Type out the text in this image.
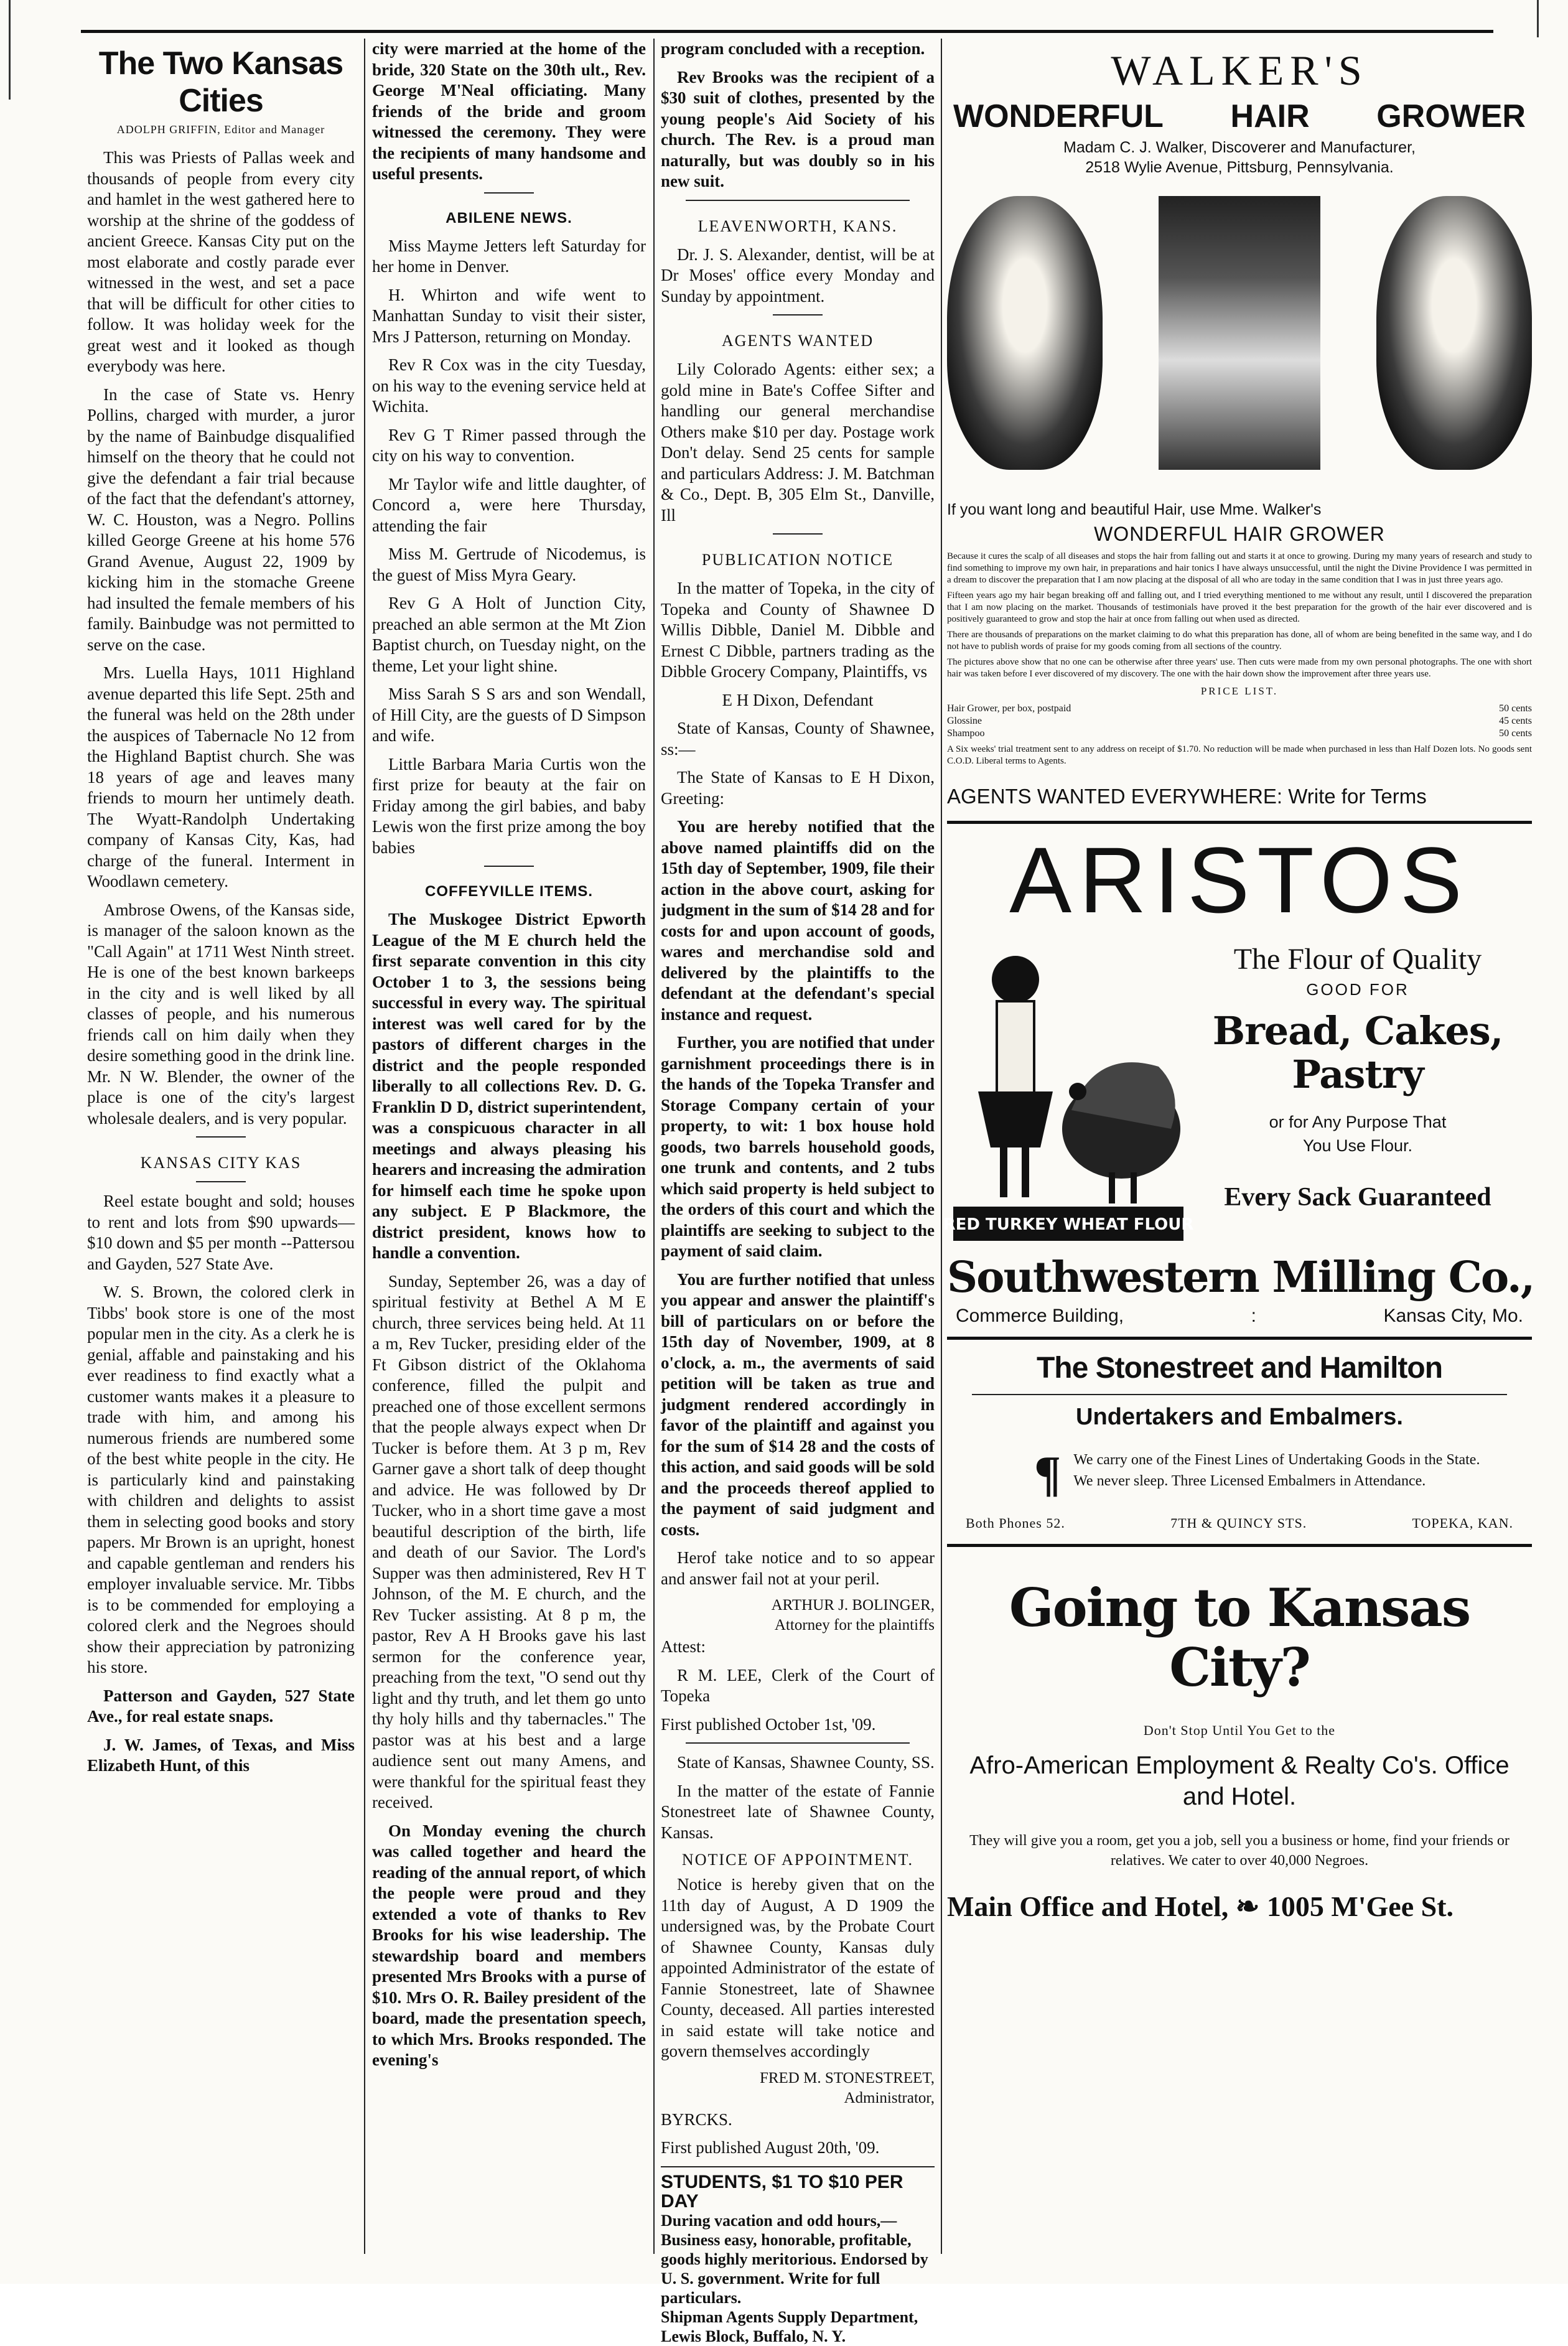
The Two Kansas Cities
ADOLPH GRIFFIN, Editor and Manager

This was Priests of Pallas week and thousands of people from every city and hamlet in the west gathered here to worship at the shrine of the goddess of ancient Greece. Kansas City put on the most elaborate and costly parade ever witnessed in the west, and set a pace that will be difficult for other cities to follow. It was holiday week for the great west and it looked as though everybody was here.

In the case of State vs. Henry Pollins, charged with murder, a juror by the name of Bainbudge disqualified himself on the theory that he could not give the defendant a fair trial because of the fact that the defendant's attorney, W. C. Houston, was a Negro. Pollins killed George Greene at his home 576 Grand Avenue, August 22, 1909 by kicking him in the stomache Greene had insulted the female members of his family. Bainbudge was not permitted to serve on the case.

Mrs. Luella Hays, 1011 Highland avenue departed this life Sept. 25th and the funeral was held on the 28th under the auspices of Tabernacle No 12 from the Highland Baptist church. She was 18 years of age and leaves many friends to mourn her untimely death. The Wyatt-Randolph Undertaking company of Kansas City, Kas, had charge of the funeral. Interment in Woodlawn cemetery.

Ambrose Owens, of the Kansas side, is manager of the saloon known as the "Call Again" at 1711 West Ninth street. He is one of the best known barkeeps in the city and is well liked by all classes of people, and his numerous friends call on him daily when they desire something good in the drink line. Mr. N W. Blender, the owner of the place is one of the city's largest wholesale dealers, and is very popular.

KANSAS CITY KAS

Reel estate bought and sold; houses to rent and lots from $90 upwards—$10 down and $5 per month --Pattersou and Gayden, 527 State Ave.

W. S. Brown, the colored clerk in Tibbs' book store is one of the most popular men in the city. As a clerk he is genial, affable and painstaking and his ever readiness to find exactly what a customer wants makes it a pleasure to trade with him, and among his numerous friends are numbered some of the best white people in the city. He is particularly kind and painstaking with children and delights to assist them in selecting good books and story papers. Mr Brown is an upright, honest and capable gentleman and renders his employer invaluable service. Mr. Tibbs is to be commended for employing a colored clerk and the Negroes should show their appreciation by patronizing his store.

Patterson and Gayden, 527 State Ave., for real estate snaps.

J. W. James, of Texas, and Miss Elizabeth Hunt, of this

city were married at the home of the bride, 320 State on the 30th ult., Rev. George M'Neal officiating. Many friends of the bride and groom witnessed the ceremony. They were the recipients of many handsome and useful presents.

ABILENE NEWS.

Miss Mayme Jetters left Saturday for her home in Denver.

H. Whirton and wife went to Manhattan Sunday to visit their sister, Mrs J Patterson, returning on Monday.

Rev R Cox was in the city Tuesday, on his way to the evening service held at Wichita.

Rev G T Rimer passed through the city on his way to convention.

Mr Taylor wife and little daughter, of Concord a, were here Thursday, attending the fair

Miss M. Gertrude of Nicodemus, is the guest of Miss Myra Geary.

Rev G A Holt of Junction City, preached an able sermon at the Mt Zion Baptist church, on Tuesday night, on the theme, Let your light shine.

Miss Sarah S S ars and son Wendall, of Hill City, are the guests of D Simpson and wife.

Little Barbara Maria Curtis won the first prize for beauty at the fair on Friday among the girl babies, and baby Lewis won the first prize among the boy babies

COFFEYVILLE ITEMS.

The Muskogee District Epworth League of the M E church held the first separate convention in this city October 1 to 3, the sessions being successful in every way. The spiritual interest was well cared for by the pastors of different charges in the district and the people responded liberally to all collections Rev. D. G. Franklin D D, district superintendent, was a conspicuous character in all meetings and always pleasing his hearers and increasing the admiration for himself each time he spoke upon any subject. E P Blackmore, the district president, knows how to handle a convention.

Sunday, September 26, was a day of spiritual festivity at Bethel A M E church, three services being held. At 11 a m, Rev Tucker, presiding elder of the Ft Gibson district of the Oklahoma conference, filled the pulpit and preached one of those excellent sermons that the people always expect when Dr Tucker is before them. At 3 p m, Rev Garner gave a short talk of deep thought and advice. He was followed by Dr Tucker, who in a short time gave a most beautiful description of the birth, life and death of our Savior. The Lord's Supper was then administered, Rev H T Johnson, of the M. E church, and the Rev Tucker assisting. At 8 p m, the pastor, Rev A H Brooks gave his last sermon for the conference year, preaching from the text, "O send out thy light and thy truth, and let them go unto thy holy hills and thy tabernacles." The pastor was at his best and a large audience sent out many Amens, and were thankful for the spiritual feast they received.

On Monday evening the church was called together and heard the reading of the annual report, of which the people were proud and they extended a vote of thanks to Rev Brooks for his wise leadership. The stewardship board and members presented Mrs Brooks with a purse of $10. Mrs O. R. Bailey president of the board, made the presentation speech, to which Mrs. Brooks responded. The evening's

program concluded with a reception.

Rev Brooks was the recipient of a $30 suit of clothes, presented by the young people's Aid Society of his church. The Rev. is a proud man naturally, but was doubly so in his new suit.

LEAVENWORTH, KANS.

Dr. J. S. Alexander, dentist, will be at Dr Moses' office every Monday and Sunday by appointment.

AGENTS WANTED

Lily Colorado Agents: either sex; a gold mine in Bate's Coffee Sifter and handling our general merchandise Others make $10 per day. Postage work Don't delay. Send 25 cents for sample and particulars Address: J. M. Batchman & Co., Dept. B, 305 Elm St., Danville, Ill

PUBLICATION NOTICE

In the matter of Topeka, in the city of Topeka and County of Shawnee D Willis Dibble, Daniel M. Dibble and Ernest C Dibble, partners trading as the Dibble Grocery Company, Plaintiffs, vs

E H Dixon, Defendant

State of Kansas, County of Shawnee, ss:—

The State of Kansas to E H Dixon, Greeting:

You are hereby notified that the above named plaintiffs did on the 15th day of September, 1909, file their action in the above court, asking for judgment in the sum of $14 28 and for costs for and upon account of goods, wares and merchandise sold and delivered by the plaintiffs to the defendant at the defendant's special instance and request.

Further, you are notified that under garnishment proceedings there is in the hands of the Topeka Transfer and Storage Company certain of your property, to wit: 1 box house hold goods, two barrels household goods, one trunk and contents, and 2 tubs which said property is held subject to the orders of this court and which the plaintiffs are seeking to subject to the payment of said claim.

You are further notified that unless you appear and answer the plaintiff's bill of particulars on or before the 15th day of November, 1909, at 8 o'clock, a. m., the averments of said petition will be taken as true and judgment rendered accordingly in favor of the plaintiff and against you for the sum of $14 28 and the costs of this action, and said goods will be sold and the proceeds thereof applied to the payment of said judgment and costs.

Herof take notice and to so appear and answer fail not at your peril.

ARTHUR J. BOLINGER,
Attorney for the plaintiffs

Attest:

R M. LEE, Clerk of the Court of Topeka

First published October 1st, '09.

State of Kansas, Shawnee County, SS.

In the matter of the estate of Fannie Stonestreet late of Shawnee County, Kansas.

NOTICE OF APPOINTMENT.

Notice is hereby given that on the 11th day of August, A D 1909 the undersigned was, by the Probate Court of Shawnee County, Kansas duly appointed Administrator of the estate of Fannie Stonestreet, late of Shawnee County, deceased. All parties interested in said estate will take notice and govern themselves accordingly

FRED M. STONESTREET,
Administrator,

BYRCKS.

First published August 20th, '09.

STUDENTS, $1 TO $10 PER DAY
During vacation and odd hours,—Business easy, honorable, profitable, goods highly meritorious. Endorsed by U. S. government. Write for full particulars.
Shipman Agents Supply Department, Lewis Block, Buffalo, N. Y.
WALKER'S
WONDERFUL HAIR GROWER
Madam C. J. Walker, Discoverer and Manufacturer,
2518 Wylie Avenue, Pittsburg, Pennsylvania.
If you want long and beautiful Hair, use Mme. Walker's
WONDERFUL HAIR GROWER
Because it cures the scalp of all diseases and stops the hair from falling out and starts it at once to growing. During my many years of research and study to find something to improve my own hair, in preparations and hair tonics I have always unsuccessful, until the night the Divine Providence I was permitted in a dream to discover the preparation that I am now placing at the disposal of all who are today in the same condition that I was in just three years ago.
Fifteen years ago my hair began breaking off and falling out, and I tried everything mentioned to me without any result, until I discovered the preparation that I am now placing on the market. Thousands of testimonials have proved it the best preparation for the growth of the hair ever discovered and is positively guaranteed to grow and stop the hair at once from falling out when used as directed.
There are thousands of preparations on the market claiming to do what this preparation has done, all of whom are being benefited in the same way, and I do not have to publish words of praise for my goods coming from all sections of the country.
The pictures above show that no one can be otherwise after three years' use. Then cuts were made from my own personal photographs. The one with short hair was taken before I ever discovered of my discovery. The one with the hair down show the improvement after three years use.
PRICE LIST.
Hair Grower, per box, postpaid	50 cents
Glossine	45 cents
Shampoo	50 cents
A Six weeks' trial treatment sent to any address on receipt of $1.70. No reduction will be made when purchased in less than Half Dozen lots. No goods sent C.O.D. Liberal terms to Agents.
AGENTS WANTED EVERYWHERE: Write for Terms
ARISTOS
RED TURKEY WHEAT FLOUR
The Flour of Quality
GOOD FOR
Bread, Cakes, Pastry
or for Any Purpose That
You Use Flour.
Every Sack Guaranteed
Southwestern Milling Co.,
Commerce Building,	:	Kansas City, Mo.
The Stonestreet and Hamilton
Undertakers and Embalmers.
¶ We carry one of the Finest Lines of Undertaking Goods in the State. We never sleep. Three Licensed Embalmers in Attendance.
Both Phones 52.	7TH & QUINCY STS.	TOPEKA, KAN.
Going to Kansas City?
Don't Stop Until You Get to the
Afro-American Employment & Realty Co's. Office and Hotel.
They will give you a room, get you a job, sell you a business or home, find your friends or relatives. We cater to over 40,000 Negroes.
Main Office and Hotel, ❧ 1005 M'Gee St.
